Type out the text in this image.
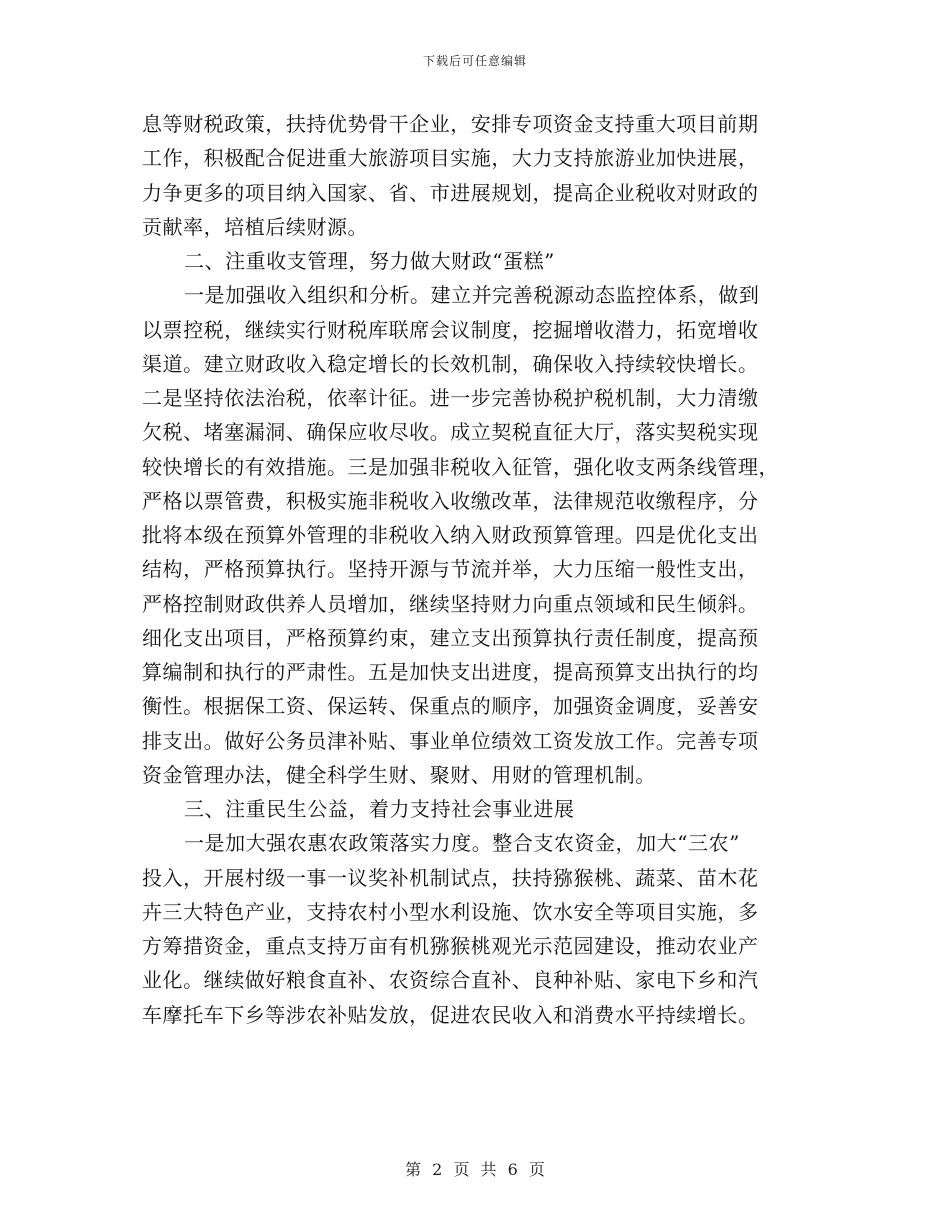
下载后可任意编辑
息等财税政策，扶持优势骨干企业，安排专项资金支持重大项目前期
工作，积极配合促进重大旅游项目实施，大力支持旅游业加快进展，
力争更多的项目纳入国家、省、市进展规划，提高企业税收对财政的
贡献率，培植后续财源。
二、注重收支管理，努力做大财政“蛋糕”
一是加强收入组织和分析。建立并完善税源动态监控体系，做到
以票控税，继续实行财税库联席会议制度，挖掘增收潜力，拓宽增收
渠道。建立财政收入稳定增长的长效机制，确保收入持续较快增长。
二是坚持依法治税，依率计征。进一步完善协税护税机制，大力清缴
欠税、堵塞漏洞、确保应收尽收。成立契税直征大厅，落实契税实现
较快增长的有效措施。三是加强非税收入征管，强化收支两条线管理，
严格以票管费，积极实施非税收入收缴改革，法律规范收缴程序，分
批将本级在预算外管理的非税收入纳入财政预算管理。四是优化支出
结构，严格预算执行。坚持开源与节流并举，大力压缩一般性支出，
严格控制财政供养人员增加，继续坚持财力向重点领域和民生倾斜。
细化支出项目，严格预算约束，建立支出预算执行责任制度，提高预
算编制和执行的严肃性。五是加快支出进度，提高预算支出执行的均
衡性。根据保工资、保运转、保重点的顺序，加强资金调度，妥善安
排支出。做好公务员津补贴、事业单位绩效工资发放工作。完善专项
资金管理办法，健全科学生财、聚财、用财的管理机制。
三、注重民生公益，着力支持社会事业进展
一是加大强农惠农政策落实力度。整合支农资金，加大“三农”
投入，开展村级一事一议奖补机制试点，扶持猕猴桃、蔬菜、苗木花
卉三大特色产业，支持农村小型水利设施、饮水安全等项目实施，多
方筹措资金，重点支持万亩有机猕猴桃观光示范园建设，推动农业产
业化。继续做好粮食直补、农资综合直补、良种补贴、家电下乡和汽
车摩托车下乡等涉农补贴发放，促进农民收入和消费水平持续增长。
第 2 页 共 6 页
